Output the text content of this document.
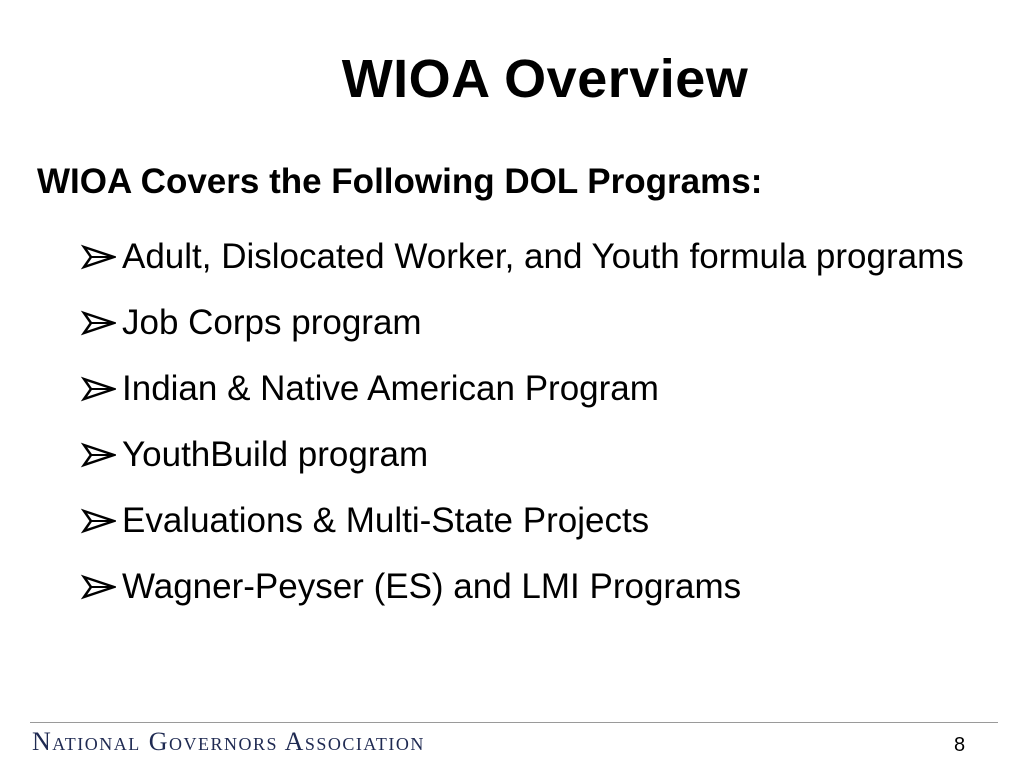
WIOA Overview
WIOA Covers the Following DOL Programs:
Adult, Dislocated Worker, and Youth formula programs
Job Corps program
Indian & Native American Program
YouthBuild program
Evaluations & Multi-State Projects
Wagner-Peyser (ES) and LMI Programs
National Governors Association	8
